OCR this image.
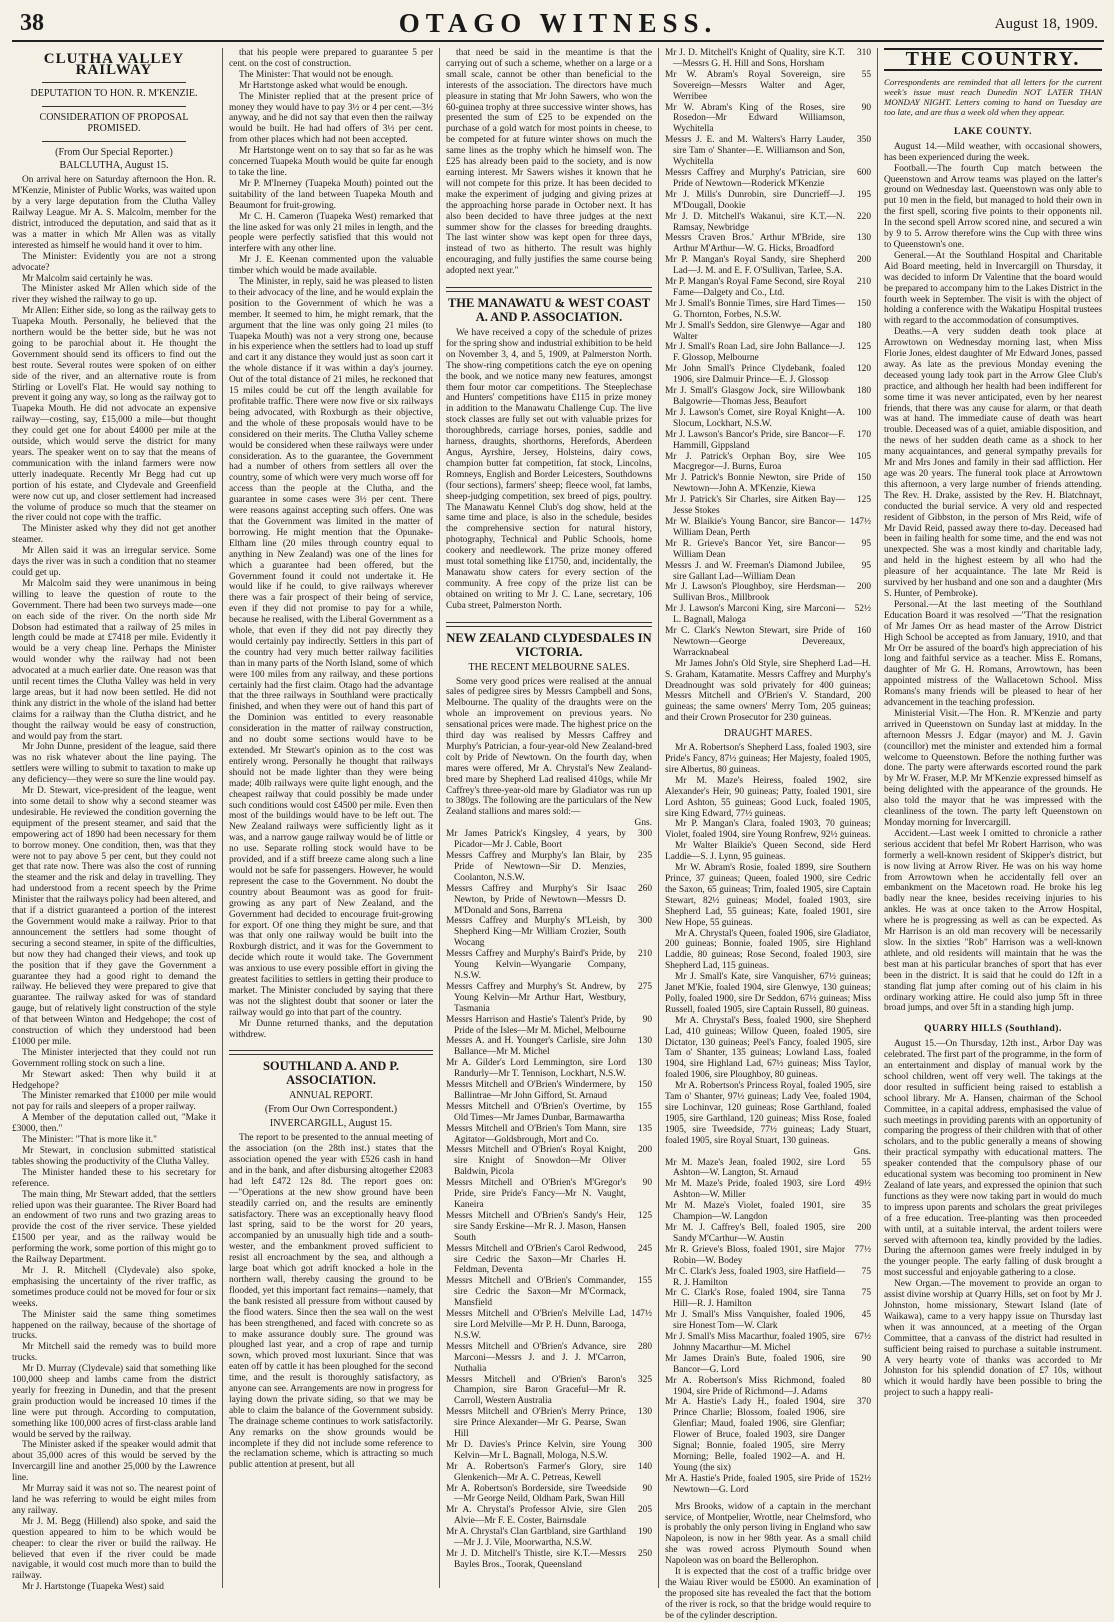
38	OTAGO WITNESS.	August 18, 1909.
CLUTHA VALLEY RAILWAY
DEPUTATION TO HON. R. M'KENZIE.
CONSIDERATION OF PROPOSAL PROMISED.
(From Our Special Reporter.)
BALCLUTHA, August 15.

On arrival here on Saturday afternoon the Hon. R. M'Kenzie, Minister of Public Works, was waited upon by a very large deputation from the Clutha Valley Railway League. Mr A. S. Malcolm, member for the district, introduced the deputation, and said that as it was a matter in which Mr Allen was as vitally interested as himself he would hand it over to him.

The Minister: Evidently you are not a strong advocate?

Mr Malcolm said certainly he was.

The Minister asked Mr Allen which side of the river they wished the railway to go up.

Mr Allen: Either side, so long as the railway gets to Tuapeka Mouth. Personally, he believed that the northern would be the better side, but he was not going to be parochial about it. He thought the Government should send its officers to find out the best route. Several routes were spoken of on either side of the river, and an alternative route is from Stirling or Lovell's Flat. He would say nothing to prevent it going any way, so long as the railway got to Tuapeka Mouth. He did not advocate an expensive railway—costing, say, £15,000 a mile—but thought they could get one for about £4000 per mile at the outside, which would serve the district for many years. The speaker went on to say that the means of communication with the inland farmers were now utterly inadequate. Recently Mr Begg had cut up portion of his estate, and Clydevale and Greenfield were now cut up, and closer settlement had increased the volume of produce so much that the steamer on the river could not cope with the traffic.

The Minister asked why they did not get another steamer.

Mr Allen said it was an irregular service. Some days the river was in such a condition that no steamer could get up.

Mr Malcolm said they were unanimous in being willing to leave the question of route to the Government. There had been two surveys made—one on each side of the river. On the north side Mr Dobson had estimated that a railway of 25 miles in length could be made at £7418 per mile. Evidently it would be a very cheap line. Perhaps the Minister would wonder why the railway had not been advocated at a much earlier date. One reason was that until recent times the Clutha Valley was held in very large areas, but it had now been settled. He did not think any district in the whole of the island had better claims for a railway than the Clutha district, and he thought the railway would be easy of construction, and would pay from the start.

Mr John Dunne, president of the league, said there was no risk whatever about the line paying. The settlers were willing to submit to taxation to make up any deficiency—they were so sure the line would pay.

Mr D. Stewart, vice-president of the league, went into some detail to show why a second steamer was undesirable. He reviewed the condition governing the equipment of the present steamer, and said that the empowering act of 1890 had been necessary for them to borrow money. One condition, then, was that they were not to pay above 5 per cent, but they could not get that rate now. There was also the cost of running the steamer and the risk and delay in travelling. They had understood from a recent speech by the Prime Minister that the railways policy had been altered, and that if a district guaranteed a portion of the interest the Government would make a railway. Prior to that announcement the settlers had some thought of securing a second steamer, in spite of the difficulties, but now they had changed their views, and took up the position that if they gave the Government a guarantee they had a good right to demand the railway. He believed they were prepared to give that guarantee. The railway asked for was of standard gauge, but of relatively light construction of the style of that between Winton and Hedgehope; the cost of construction of which they understood had been £1000 per mile.

The Minister interjected that they could not run Government rolling stock on such a line.

Mr Stewart asked: Then why build it at Hedgehope?

The Minister remarked that £1000 per mile would not pay for rails and sleepers of a proper railway.

A Member of the deputation called out, "Make it £3000, then."

The Minister: "That is more like it."

Mr Stewart, in conclusion submitted statistical tables showing the productivity of the Clutha Valley.

The Minister handed these to his secretary for reference.

The main thing, Mr Stewart added, that the settlers relied upon was their guarantee. The River Board had an endowment of two runs and two grazing areas to provide the cost of the river service. These yielded £1500 per year, and as the railway would be performing the work, some portion of this might go to the Railway Department.

Mr J. R. Mitchell (Clydevale) also spoke, emphasising the uncertainty of the river traffic, as sometimes produce could not be moved for four or six weeks.

The Minister said the same thing sometimes happened on the railway, because of the shortage of trucks.

Mr Mitchell said the remedy was to build more trucks.

Mr D. Murray (Clydevale) said that something like 100,000 sheep and lambs came from the district yearly for freezing in Dunedin, and that the present grain production would be increased 10 times if the line were put through. According to computation, something like 100,000 acres of first-class arable land would be served by the railway.

The Minister asked if the speaker would admit that about 35,000 acres of this would be served by the Invercargill line and another 25,000 by the Lawrence line.

Mr Murray said it was not so. The nearest point of land he was referring to would be eight miles from any railway.

Mr J. M. Begg (Hillend) also spoke, and said the question appeared to him to be which would be cheaper: to clear the river or build the railway. He believed that even if the river could be made navigable, it would cost much more than to build the railway.

Mr J. Hartstonge (Tuapeka West) said

that his people were prepared to guarantee 5 per cent. on the cost of construction.

The Minister: That would not be enough.

Mr Hartstonge asked what would be enough.

The Minister replied that at the present price of money they would have to pay 3½ or 4 per cent.—3½ anyway, and he did not say that even then the railway would be built. He had had offers of 3½ per cent. from other places which had not been accepted.

Mr Hartstonge went on to say that so far as he was concerned Tuapeka Mouth would be quite far enough to take the line.

Mr P. M'Inerney (Tuapeka Mouth) pointed out the suitability of the land between Tuapeka Mouth and Beaumont for fruit-growing.

Mr C. H. Cameron (Tuapeka West) remarked that the line asked for was only 21 miles in length, and the people were perfectly satisfied that this would not interfere with any other line.

Mr J. E. Keenan commented upon the valuable timber which would be made available.

The Minister, in reply, said he was pleased to listen to their advocacy of the line, and he would explain the position to the Government of which he was a member. It seemed to him, he might remark, that the argument that the line was only going 21 miles (to Tuapeka Mouth) was not a very strong one, because in his experience when the settlers had to load up stuff and cart it any distance they would just as soon cart it the whole distance if it was within a day's journey. Out of the total distance of 21 miles, he reckoned that 15 miles could be cut off the length available for profitable traffic. There were now five or six railways being advocated, with Roxburgh as their objective, and the whole of these proposals would have to be considered on their merits. The Clutha Valley scheme would be considered when these railways were under consideration. As to the guarantee, the Government had a number of others from settlers all over the country, some of which were very much worse off for access than the people at the Clutha, and the guarantee in some cases were 3½ per cent. There were reasons against accepting such offers. One was that the Government was limited in the matter of borrowing. He might mention that the Opunake-Eltham line (20 miles through country equal to anything in New Zealand) was one of the lines for which a guarantee had been offered, but the Government found it could not undertake it. He would like if he could, to give railways wherever there was a fair prospect of their being of service, even if they did not promise to pay for a while, because he realised, with the Liberal Government as a whole, that even if they did not pay directly they would certainly pay indirectly. Settlers in this part of the country had very much better railway facilities than in many parts of the North Island, some of which were 100 miles from any railway, and these portions certainly had the first claim. Otago had the advantage that the three railways in Southland were practically finished, and when they were out of hand this part of the Dominion was entitled to every reasonable consideration in the matter of railway construction, and no doubt some sections would have to be extended. Mr Stewart's opinion as to the cost was entirely wrong. Personally he thought that railways should not be made lighter than they were being made; 40lb railways were quite light enough, and the cheapest railway that could possibly be made under such conditions would cost £4500 per mile. Even then most of the buildings would have to be left out. The New Zealand railways were sufficiently light as it was, and a narrow gauge railway would be of little or no use. Separate rolling stock would have to be provided, and if a stiff breeze came along such a line would not be safe for passengers. However, he would represent the case to the Government. No doubt the country about Beaumont was as good for fruit-growing as any part of New Zealand, and the Government had decided to encourage fruit-growing for export. Of one thing they might be sure, and that was that only one railway would be built into the Roxburgh district, and it was for the Government to decide which route it would take. The Government was anxious to use every possible effort in giving the greatest facilities to settlers in getting their produce to market. The Minister concluded by saying that there was not the slightest doubt that sooner or later the railway would go into that part of the country.

Mr Dunne returned thanks, and the deputation withdrew.

SOUTHLAND A. AND P. ASSOCIATION.
ANNUAL REPORT.
(From Our Own Correspondent.)
INVERCARGILL, August 15.

The report to be presented to the annual meeting of the association (on the 28th inst.) states that the association opened the year with £526 cash in hand and in the bank, and after disbursing altogether £2083 had left £472 12s 8d. The report goes on:—"Operations at the new show ground have been steadily carried on, and the results are eminently satisfactory. There was an exceptionally heavy flood last spring, said to be the worst for 20 years, accompanied by an unusually high tide and a south-wester, and the embankment proved sufficient to resist all encroachment by the sea, and although a large boat which got adrift knocked a hole in the northern wall, thereby causing the ground to be flooded, yet this important fact remains—namely, that the bank resisted all pressure from without caused by the flood waters. Since then the sea wall on the west has been strengthened, and faced with concrete so as to make assurance doubly sure. The ground was ploughed last year, and a crop of rape and turnip sown, which proved most luxuriant. Since that was eaten off by cattle it has been ploughed for the second time, and the result is thoroughly satisfactory, as anyone can see. Arrangements are now in progress for laying down the private siding, so that we may be able to claim the balance of the Government subsidy. The drainage scheme continues to work satisfactorily. Any remarks on the show grounds would be incomplete if they did not include some reference to the reclamation scheme, which is attracting so much public attention at present, but all

that need be said in the meantime is that the carrying out of such a scheme, whether on a large or a small scale, cannot be other than beneficial to the interests of the association. The directors have much pleasure in stating that Mr John Sawers, who won the 60-guinea trophy at three successive winter shows, has presented the sum of £25 to be expended on the purchase of a gold watch for most points in cheese, to be competed for at future winter shows on much the same lines as the trophy which he himself won. The £25 has already been paid to the society, and is now earning interest. Mr Sawers wishes it known that he will not compete for this prize. It has been decided to make the experiment of judging and giving prizes at the approaching horse parade in October next. It has also been decided to have three judges at the next summer show for the classes for breeding draughts. The last winter show was kept open for three days, instead of two as hitherto. The result was highly encouraging, and fully justifies the same course being adopted next year."

THE MANAWATU & WEST COAST A. AND P. ASSOCIATION.

We have received a copy of the schedule of prizes for the spring show and industrial exhibition to be held on November 3, 4, and 5, 1909, at Palmerston North. The show-ring competitions catch the eye on opening the book, and we notice many new features, amongst them four motor car competitions. The Steeplechase and Hunters' competitions have £115 in prize money in addition to the Manawatu Challenge Cup. The live stock classes are fully set out with valuable prizes for thoroughbreds, carriage horses, ponies, saddle and harness, draughts, shorthorns, Herefords, Aberdeen Angus, Ayrshire, Jersey, Holsteins, dairy cows, champion butter fat competition, fat stock, Lincolns, Romneys, English and Border Leicesters, Southdowns (four sections), farmers' sheep; fleece wool, fat lambs, sheep-judging competition, sex breed of pigs, poultry. The Manawatu Kennel Club's dog show, held at the same time and place, is also in the schedule, besides the comprehensive section for natural history, photography, Technical and Public Schools, home cookery and needlework. The prize money offered must total something like £1750, and, incidentally, the Manawatu show caters for every section of the community. A free copy of the prize list can be obtained on writing to Mr J. C. Lane, secretary, 106 Cuba street, Palmerston North.

NEW ZEALAND CLYDESDALES IN VICTORIA.
THE RECENT MELBOURNE SALES.

Some very good prices were realised at the annual sales of pedigree sires by Messrs Campbell and Sons, Melbourne. The quality of the draughts were on the whole an improvement on previous years. No sensational prices were made. The highest price on the third day was realised by Messrs Caffrey and Murphy's Patrician, a four-year-old New Zealand-bred colt by Pride of Newtown. On the fourth day, when mares were offered, Mr A. Chrystal's New Zealand-bred mare by Shepherd Lad realised 410gs, while Mr Caffrey's three-year-old mare by Gladiator was run up to 380gs. The following are the particulars of the New Zealand stallions and mares sold:—

Gns.
Mr James Patrick's Kingsley, 4 years, by Picador—Mr J. Cable, Boort
300
Messrs Caffrey and Murphy's Ian Blair, by Pride of Newtown—Sir D. Menzies, Coolanton, N.S.W.
235
Messrs Caffrey and Murphy's Sir Isaac Newton, by Pride of Newtown—Messrs D. M'Donald and Sons, Barrena
260
Messrs Caffrey and Murphy's M'Leish, by Shepherd King—Mr William Crozier, South Wocang
300
Messrs Caffrey and Murphy's Baird's Pride, by Young Kelvin—Wyangarie Company, N.S.W.
210
Messrs Caffrey and Murphy's St. Andrew, by Young Kelvin—Mr Arthur Hart, Westbury, Tasmania
275
Messrs Harrison and Hastie's Talent's Pride, by Pride of the Isles—Mr M. Michel, Melbourne
90
Messrs A. and H. Younger's Carlisle, sire John Ballance—Mr M. Michel
130
Mr A. Gilder's Lord Lemmington, sire Lord Randurly—Mr T. Tennison, Lockhart, N.S.W.
130
Messrs Mitchell and O'Brien's Windermere, by Ballintrae—Mr John Gifford, St. Arnaud
150
Messrs Mitchell and O'Brien's Overtime, by Old Times—Mr James Dunbar, Barmawartha
155
Messrs Mitchell and O'Brien's Tom Mann, sire Agitator—Goldsbrough, Mort and Co.
135
Messrs Mitchell and O'Brien's Royal Knight, sire Knight of Snowdon—Mr Oliver Baldwin, Picola
200
Messrs Mitchell and O'Brien's M'Gregor's Pride, sire Pride's Fancy—Mr N. Vaught, Kaneira
90
Messrs Mitchell and O'Brien's Sandy's Heir, sire Sandy Erskine—Mr R. J. Mason, Hansen South
125
Messrs Mitchell and O'Brien's Carol Redwood, sire Cedric the Saxon—Mr Charles H. Feldman, Deventa
245
Messrs Mitchell and O'Brien's Commander, sire Cedric the Saxon—Mr M'Cormack, Mansfield
155
Messrs Mitchell and O'Brien's Melville Lad, sire Lord Melville—Mr P. H. Dunn, Barooga, N.S.W.
147½
Messrs Mitchell and O'Brien's Advance, sire Marconi—Messrs J. and J. J. M'Carron, Nuthalia
280
Messrs Mitchell and O'Brien's Baron's Champion, sire Baron Graceful—Mr R. Carroll, Western Australia
325
Messrs Mitchell and O'Brien's Merry Prince, sire Prince Alexander—Mr G. Pearse, Swan Hill
130
Mr D. Davies's Prince Kelvin, sire Young Kelvin—Mr L. Bagnall, Mologa, N.S.W.
300
Mr A. Robertson's Farmer's Glory, sire Glenkenich—Mr A. C. Petreas, Kewell
140
Mr A. Robertson's Borderside, sire Tweedside—Mr George Neild, Oldham Park, Swan Hill
90
Mr A. Chrystal's Professor Alvie, sire Glen Alvie—Mr F. E. Coster, Bairnsdale
205
Mr A. Chrystal's Clan Gartbland, sire Garthland—Mr J. J. Vile, Moorwartha, N.S.W.
190
Mr J. D. Mitchell's Thistle, sire K.T.—Messrs Bayles Bros., Toorak, Queensland
250
Mr J. D. Mitchell's Knight of Quality, sire K.T.—Messrs G. H. Hill and Sons, Horsham
310
Mr W. Abram's Royal Sovereign, sire Sovereign—Messrs Walter and Ager, Werribee
55
Mr W. Abram's King of the Roses, sire Rosedon—Mr Edward Williamson, Wychitella
90
Messrs J. E. and M. Walters's Harry Lauder, sire Tam o' Shanter—E. Williamson and Son, Wychitella
350
Messrs Caffrey and Murphy's Patrician, sire Pride of Newtown—Roderick M'Kenzie
600
Mr J. Mills's Dunrobin, sire Duncrieff—J. M'Dougall, Dookie
195
Mr J. D. Mitchell's Wakanui, sire K.T.—N. Ramsay, Newbridge
220
Messrs Craven Bros.' Arthur M'Bride, sire Arthur M'Arthur—W. G. Hicks, Broadford
130
Mr P. Mangan's Royal Sandy, sire Shepherd Lad—J. M. and E. F. O'Sullivan, Tarlee, S.A.
200
Mr P. Mangan's Royal Fame Second, sire Royal Fame—Dalgety and Co., Ltd.
210
Mr J. Small's Bonnie Times, sire Hard Times—G. Thornton, Forbes, N.S.W.
150
Mr J. Small's Seddon, sire Glenwye—Agar and Walter
180
Mr J. Small's Roan Lad, sire John Ballance—J. F. Glossop, Melbourne
125
Mr John Small's Prince Clydebank, foaled 1906, sire Dalmuir Prince—E. J. Glossop
120
Mr J. Small's Glasgow Jock, sire Willowbank Balgowrie—Thomas Jess, Beaufort
180
Mr J. Lawson's Comet, sire Royal Knight—A. Slocum, Lockhart, N.S.W.
100
Mr J. Lawson's Bancor's Pride, sire Bancor—F. Hammill, Gippsland
170
Mr J. Patrick's Orphan Boy, sire Wee Macgregor—J. Burns, Euroa
105
Mr J. Patrick's Bonnie Newton, sire Pride of Newtown—John A. M'Kenzie, Kiewa
150
Mr J. Patrick's Sir Charles, sire Aitken Bay—Jesse Stokes
125
Mr W. Blaikie's Young Bancor, sire Bancor—William Dean, Perth
147½
Mr R. Grieve's Bancor Yet, sire Bancor—William Dean
95
Messrs J. and W. Freeman's Diamond Jubilee, sire Gallant Lad—William Dean
95
Mr J. Lawson's Ploughboy, sire Herdsman—Sullivan Bros., Millbrook
200
Mr J. Lawson's Marconi King, sire Marconi—L. Bagnall, Maloga
52½
Mr C. Clark's Newton Stewart, sire Pride of Newtown—George Devereaux, Warracknabeal
160

Mr James John's Old Style, sire Shepherd Lad—H. S. Graham, Katamatite. Messrs Caffrey and Murphy's Dreadnought was sold privately for 400 guineas; Messrs Mitchell and O'Brien's V. Standard, 200 guineas; the same owners' Merry Tom, 205 guineas; and their Crown Prosecutor for 230 guineas.

DRAUGHT MARES.

Mr A. Robertson's Shepherd Lass, foaled 1903, sire Pride's Fancy, 87½ guineas; Her Majesty, foaled 1905, sire Albertus, 80 guineas.

Mr M. Maze's Heiress, foaled 1902, sire Alexander's Heir, 90 guineas; Patty, foaled 1901, sire Lord Ashton, 55 guineas; Good Luck, foaled 1905, sire King Edward, 77½ guineas.

Mr P. Mangan's Clara, foaled 1903, 70 guineas; Violet, foaled 1904, sire Young Ronfrew, 92½ guineas.

Mr Walter Blaikie's Queen Second, side Herd Laddie—S. J. Lynn, 95 guineas.

Mr W. Abram's Rosie, foaled 1899, sire Southern Prince, 37 guineas; Queen, foaled 1900, sire Cedric the Saxon, 65 guineas; Trim, foaled 1905, sire Captain Stewart, 82½ guineas; Model, foaled 1903, sire Shepherd Lad, 55 guineas; Kate, foaled 1901, sire New Hope, 55 guineas.

Mr A. Chrystal's Queen, foaled 1906, sire Gladiator, 200 guineas; Bonnie, foaled 1905, sire Highland Laddie, 80 guineas; Rose Second, foaled 1903, sire Shepherd Lad, 115 guineas.

Mr J. Small's Kate, sire Vanquisher, 67½ guineas; Janet M'Kie, foaled 1904, sire Glenwye, 130 guineas; Polly, foaled 1900, sire Dr Seddon, 67½ guineas; Miss Russell, foaled 1905, sire Captain Russell, 80 guineas.

Mr A. Chrystal's Bess, foaled 1900, sire Shepherd Lad, 410 guineas; Willow Queen, foaled 1905, sire Dictator, 130 guineas; Peel's Fancy, foaled 1905, sire Tam o' Shanter, 135 guineas; Lowland Lass, foaled 1904, sire Highland Lad, 67½ guineas; Miss Taylor, foaled 1906, sire Ploughboy, 80 guineas.

Mr A. Robertson's Princess Royal, foaled 1905, sire Tam o' Shanter, 97½ guineas; Lady Vee, foaled 1904, sire Lochinvar, 120 guineas; Rose Garthland, foaled 1905, sire Garthland, 120 guineas; Miss Rose, foaled 1905, sire Tweedside, 77½ guineas; Lady Stuart, foaled 1905, sire Royal Stuart, 130 guineas.

Gns.
Mr M. Maze's Jean, foaled 1902, sire Lord Ashton—W. Langton, St. Arnaud
55
Mr M. Maze's Pride, foaled 1903, sire Lord Ashton—W. Miller
49½
Mr M. Maze's Violet, foaled 1901, sire Champion—W. Langdon
35
Mr M. J. Caffrey's Bell, foaled 1905, sire Sandy M'Carthur—W. Austin
200
Mr R. Grieve's Bloss, foaled 1901, sire Major Robin—W. Bodey
77½
Mr C. Clark's Jess, foaled 1903, sire Hatfield—R. J. Hamilton
75
Mr C. Clark's Rose, foaled 1904, sire Tanna Hill—R. J. Hamilton
75
Mr J. Small's Miss Vanquisher, foaled 1906, sire Honest Tom—W. Clark
45
Mr J. Small's Miss Macarthur, foaled 1905, sire Johnny Macarthur—M. Michel
67½
Mr James Drain's Bute, foaled 1906, sire Bancor—G. Lord
90
Mr A. Robertson's Miss Richmond, foaled 1904, sire Pride of Richmond—J. Adams
80
Mr A. Hastie's Lady H., foaled 1904, sire Prince Charlie; Blossom, foaled 1906, sire Glenfiar; Maud, foaled 1906, sire Glenfiar; Flower of Bruce, foaled 1903, sire Danger Signal; Bonnie, foaled 1905, sire Merry Morning; Belle, foaled 1902—A. and H. Young (the six)
370
Mr A. Hastie's Pride, foaled 1905, sire Pride of Newtown—G. Lord
152½

Mrs Brooks, widow of a captain in the merchant service, of Montpelier, Wrottle, near Chelmsford, who is probably the only person living in England who saw Napoleon, is now in her 98th year. As a small child she was rowed across Plymouth Sound when Napoleon was on board the Bellerophon.

It is expected that the cost of a traffic bridge over the Waiau River would be £5000. An examination of the proposed site has revealed the fact that the bottom of the river is rock, so that the bridge would require to be of the cylinder description.

THE COUNTRY.
Correspondents are reminded that all letters for the current week's issue must reach Dunedin NOT LATER THAN MONDAY NIGHT. Letters coming to hand on Tuesday are too late, and are thus a week old when they appear.
LAKE COUNTY.

August 14.—Mild weather, with occasional showers, has been experienced during the week.

Football.—The fourth Cup match between the Queenstown and Arrow teams was played on the latter's ground on Wednesday last. Queenstown was only able to put 10 men in the field, but managed to hold their own in the first spell, scoring five points to their opponents nil. In the second spell Arrow scored nine, and secured a win by 9 to 5. Arrow therefore wins the Cup with three wins to Queenstown's one.

General.—At the Southland Hospital and Charitable Aid Board meeting, held in Invercargill on Thursday, it was decided to inform Dr Valentine that the board would be prepared to accompany him to the Lakes District in the fourth week in September. The visit is with the object of holding a conference with the Wakatipu Hospital trustees with regard to the accommodation of consumptives.

Deaths.—A very sudden death took place at Arrowtown on Wednesday morning last, when Miss Florie Jones, eldest daughter of Mr Edward Jones, passed away. As late as the previous Monday evening the deceased young lady took part in the Arrow Glee Club's practice, and although her health had been indifferent for some time it was never anticipated, even by her nearest friends, that there was any cause for alarm, or that death was at hand. The immediate cause of death was heart trouble. Deceased was of a quiet, amiable disposition, and the news of her sudden death came as a shock to her many acquaintances, and general sympathy prevails for Mr and Mrs Jones and family in their sad affliction. Her age was 20 years. The funeral took place at Arrowtown this afternoon, a very large number of friends attending. The Rev. H. Drake, assisted by the Rev. H. Blatchnayt, conducted the burial service. A very old and respected resident of Gibbston, in the person of Mrs Reid, wife of Mr David Reid, passed away there to-day. Deceased had been in failing health for some time, and the end was not unexpected. She was a most kindly and charitable lady, and held in the highest esteem by all who had the pleasure of her acquaintance. The late Mr Reid is survived by her husband and one son and a daughter (Mrs S. Hunter, of Pembroke).

Personal.—At the last meeting of the Southland Education Board it was resolved —"That the resignation of Mr James Orr as head master of the Arrow District High School be accepted as from January, 1910, and that Mr Orr be assured of the board's high appreciation of his long and faithful service as a teacher. Miss E. Romans, daughter of Mr G. H. Romans, Arrowtown, has been appointed mistress of the Wallacetown School. Miss Romans's many friends will be pleased to hear of her advancement in the teaching profession.

Ministerial Visit.—The Hon. R. M'Kenzie and party arrived in Queenstown on Sunday last at midday. In the afternoon Messrs J. Edgar (mayor) and M. J. Gavin (councillor) met the minister and extended him a formal welcome to Queenstown. Before the nothing further was done. The party were afterwards escorted round the park by Mr W. Fraser, M.P. Mr M'Kenzie expressed himself as being delighted with the appearance of the grounds. He also told the mayor that he was impressed with the cleanliness of the town. The party left Queenstown on Monday morning for Invercargill.

Accident.—Last week I omitted to chronicle a rather serious accident that befel Mr Robert Harrison, who was formerly a well-known resident of Skipper's district, but is now living at Arrow River. He was on his way home from Arrowtown when he accidentally fell over an embankment on the Macetown road. He broke his leg badly near the knee, besides receiving injuries to his ankles. He was at once taken to the Arrow Hospital, where he is progressing as well as can be expected. As Mr Harrison is an old man recovery will be necessarily slow. In the sixties "Rob" Harrison was a well-known athlete, and old residents will maintain that he was the best man at his particular branches of sport that has ever been in the district. It is said that he could do 12ft in a standing flat jump after coming out of his claim in his ordinary working attire. He could also jump 5ft in three broad jumps, and over 5ft in a standing high jump.

QUARRY HILLS (Southland).

August 15.—On Thursday, 12th inst., Arbor Day was celebrated. The first part of the programme, in the form of an entertainment and display of manual work by the school children, went off very well. The takings at the door resulted in sufficient being raised to establish a school library. Mr A. Hansen, chairman of the School Committee, in a capital address, emphasised the value of such meetings in providing parents with an opportunity of comparing the progress of their children with that of other scholars, and to the public generally a means of showing their practical sympathy with educational matters. The speaker contended that the compulsory phase of our educational system was becoming too prominent in New Zealand of late years, and expressed the opinion that such functions as they were now taking part in would do much to impress upon parents and scholars the great privileges of a free education. Tree-planting was then proceeded with until, at a suitable interval, the ardent toilers were served with afternoon tea, kindly provided by the ladies. During the afternoon games were freely indulged in by the younger people. The early falling of dusk brought a most successful and enjoyable gathering to a close.

New Organ.—The movement to provide an organ to assist divine worship at Quarry Hills, set on foot by Mr J. Johnston, home missionary, Stewart Island (late of Waikawa), came to a very happy issue on Thursday last when it was announced, at a meeting of the Organ Committee, that a canvass of the district had resulted in sufficient being raised to purchase a suitable instrument. A very hearty vote of thanks was accorded to Mr Johnston for his splendid donation of £7 10s, without which it would hardly have been possible to bring the project to such a happy reali-
